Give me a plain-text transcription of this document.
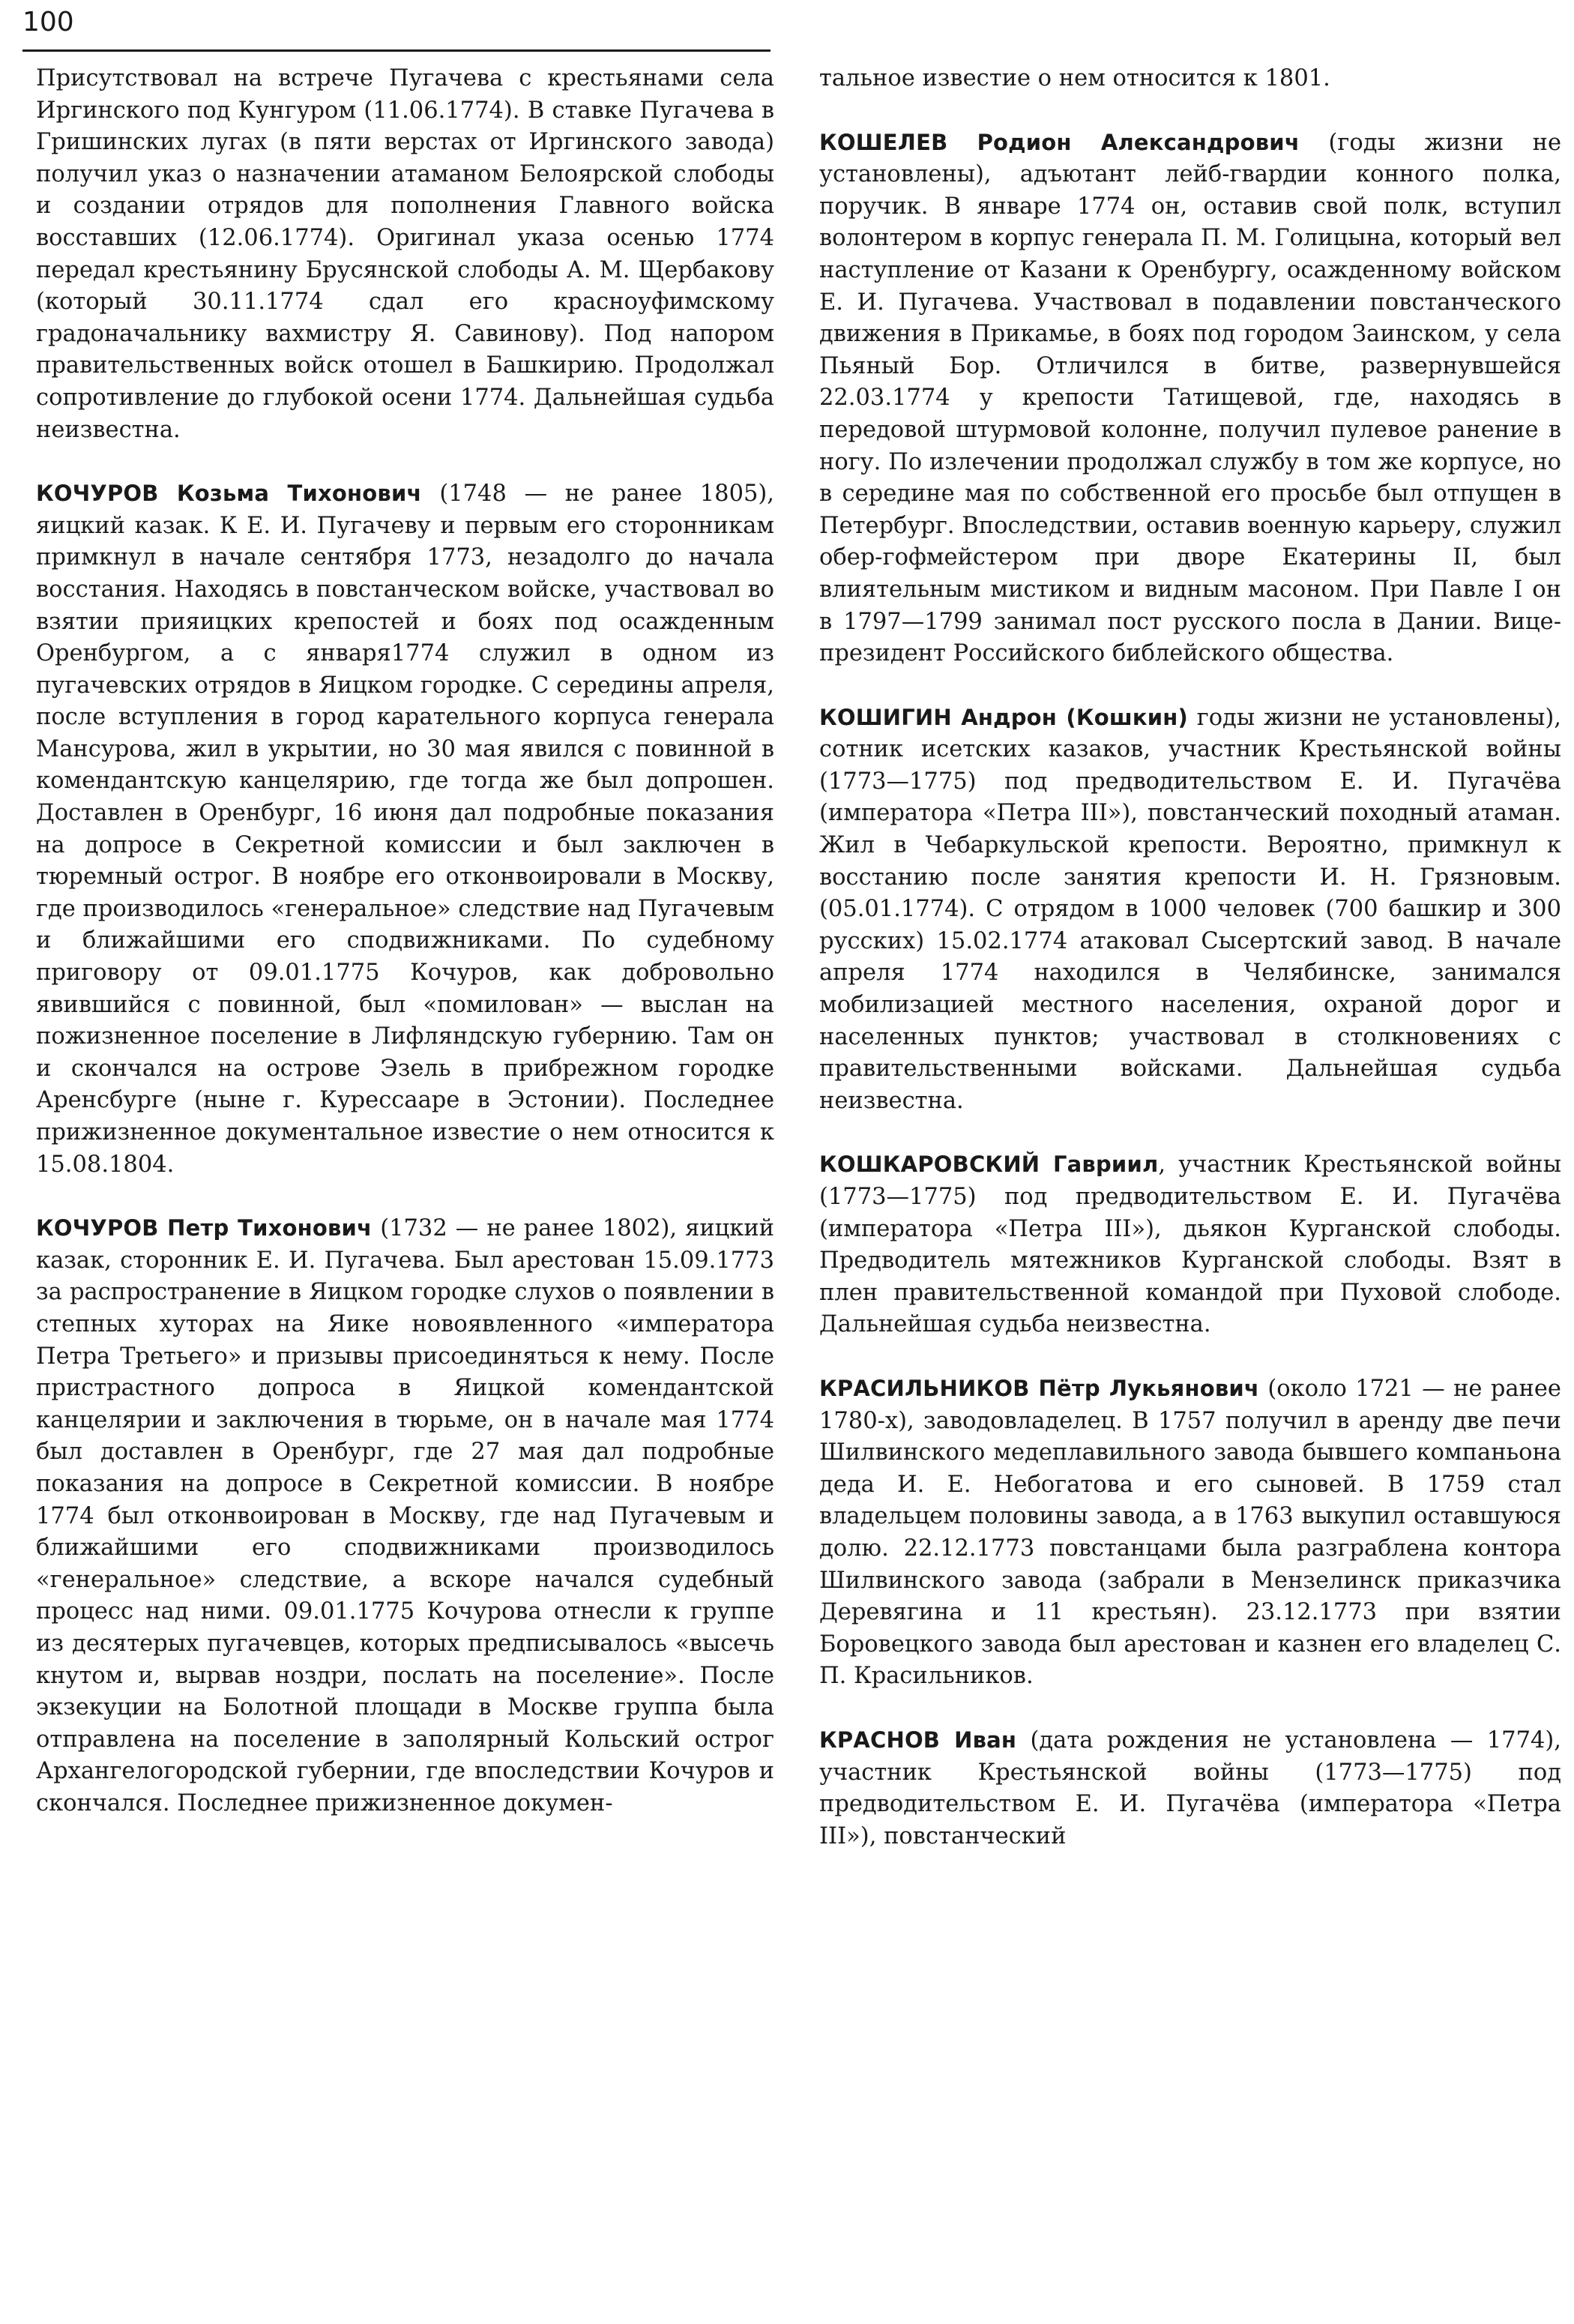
100

Присутствовал на встрече Пугачева с крестьянами села Иргинского под Кунгуром (11.06.1774). В ставке Пугачева в Гришинских лугах (в пяти верстах от Иргинского завода) получил указ о назначении атаманом Белоярской слободы и создании отрядов для пополнения Главного войска восставших (12.06.1774). Оригинал указа осенью 1774 передал крестьянину Брусянской слободы А. М. Щербакову (который 30.11.1774 сдал его красноуфимскому градоначальнику вахмистру Я. Савинову). Под напором правительственных войск отошел в Башкирию. Продолжал сопротивление до глубокой осени 1774. Дальнейшая судьба неизвестна.

КОЧУРОВ Козьма Тихонович (1748 — не ранее 1805), яицкий казак. К Е. И. Пугачеву и первым его сторонникам примкнул в начале сентября 1773, незадолго до начала восстания. Находясь в повстанческом войске, участвовал во взятии прияицких крепостей и боях под осажденным Оренбургом, а с января1774 служил в одном из пугачевских отрядов в Яицком городке. С середины апреля, после вступления в город карательного корпуса генерала Мансурова, жил в укрытии, но 30 мая явился с повинной в комендантскую канцелярию, где тогда же был допрошен. Доставлен в Оренбург, 16 июня дал подробные показания на допросе в Секретной комиссии и был заключен в тюремный острог. В ноябре его отконвоировали в Москву, где производилось «генеральное» следствие над Пугачевым и ближайшими его сподвижниками. По судебному приговору от 09.01.1775 Кочуров, как добровольно явившийся с повинной, был «помилован» — выслан на пожизненное поселение в Лифляндскую губернию. Там он и скончался на острове Эзель в прибрежном городке Аренсбурге (ныне г. Курессааре в Эстонии). Последнее прижизненное документальное известие о нем относится к 15.08.1804.

КОЧУРОВ Петр Тихонович (1732 — не ранее 1802), яицкий казак, сторонник Е. И. Пугачева. Был арестован 15.09.1773 за распространение в Яицком городке слухов о появлении в степных хуторах на Яике новоявленного «императора Петра Третьего» и призывы присоединяться к нему. После пристрастного допроса в Яицкой комендантской канцелярии и заключения в тюрьме, он в начале мая 1774 был доставлен в Оренбург, где 27 мая дал подробные показания на допросе в Секретной комиссии. В ноябре 1774 был отконвоирован в Москву, где над Пугачевым и ближайшими его сподвижниками производилось «генеральное» следствие, а вскоре начался судебный процесс над ними. 09.01.1775 Кочурова отнесли к группе из десятерых пугачевцев, которых предписывалось «высечь кнутом и, вырвав ноздри, послать на поселение». После экзекуции на Болотной площади в Москве группа была отправлена на поселение в заполярный Кольский острог Архангелогородской губернии, где впоследствии Кочуров и скончался. Последнее прижизненное докумен-

тальное известие о нем относится к 1801.

КОШЕЛЕВ Родион Александрович (годы жизни не установлены), адъютант лейб-гвардии конного полка, поручик. В январе 1774 он, оставив свой полк, вступил волонтером в корпус генерала П. М. Голицына, который вел наступление от Казани к Оренбургу, осажденному войском Е. И. Пугачева. Участвовал в подавлении повстанческого движения в Прикамье, в боях под городом Заинском, у села Пьяный Бор. Отличился в битве, развернувшейся 22.03.1774 у крепости Татищевой, где, находясь в передовой штурмовой колонне, получил пулевое ранение в ногу. По излечении продолжал службу в том же корпусе, но в середине мая по собственной его просьбе был отпущен в Петербург. Впоследствии, оставив военную карьеру, служил обер-гофмейстером при дворе Екатерины II, был влиятельным мистиком и видным масоном. При Павле I он в 1797—1799 занимал пост русского посла в Дании. Вице-президент Российского библейского общества.

КОШИГИН Андрон (Кошкин) годы жизни не установлены), сотник исетских казаков, участник Крестьянской войны (1773—1775) под предводительством Е. И. Пугачёва (императора «Петра III»), повстанческий походный атаман. Жил в Чебаркульской крепости. Вероятно, примкнул к восстанию после занятия крепости И. Н. Грязновым. (05.01.1774). С отрядом в 1000 человек (700 башкир и 300 русских) 15.02.1774 атаковал Сысертский завод. В начале апреля 1774 находился в Челябинске, занимался мобилизацией местного населения, охраной дорог и населенных пунктов; участвовал в столкновениях с правительственными войсками. Дальнейшая судьба неизвестна.

КОШКАРОВСКИЙ Гавриил, участник Крестьянской войны (1773—1775) под предводительством Е. И. Пугачёва (императора «Петра III»), дьякон Курганской слободы. Предводитель мятежников Курганской слободы. Взят в плен правительственной командой при Пуховой слободе. Дальнейшая судьба неизвестна.

КРАСИЛЬНИКОВ Пётр Лукьянович (около 1721 — не ранее 1780-х), заводовладелец. В 1757 получил в аренду две печи Шилвинского медеплавильного завода бывшего компаньона деда И. Е. Небогатова и его сыновей. В 1759 стал владельцем половины завода, а в 1763 выкупил оставшуюся долю. 22.12.1773 повстанцами была разграблена контора Шилвинского завода (забрали в Мензелинск приказчика Деревягина и 11 крестьян). 23.12.1773 при взятии Боровецкого завода был арестован и казнен его владелец С. П. Красильников.

КРАСНОВ Иван (дата рождения не установлена — 1774), участник Крестьянской войны (1773—1775) под предводительством Е. И. Пугачёва (императора «Петра III»), повстанческий
